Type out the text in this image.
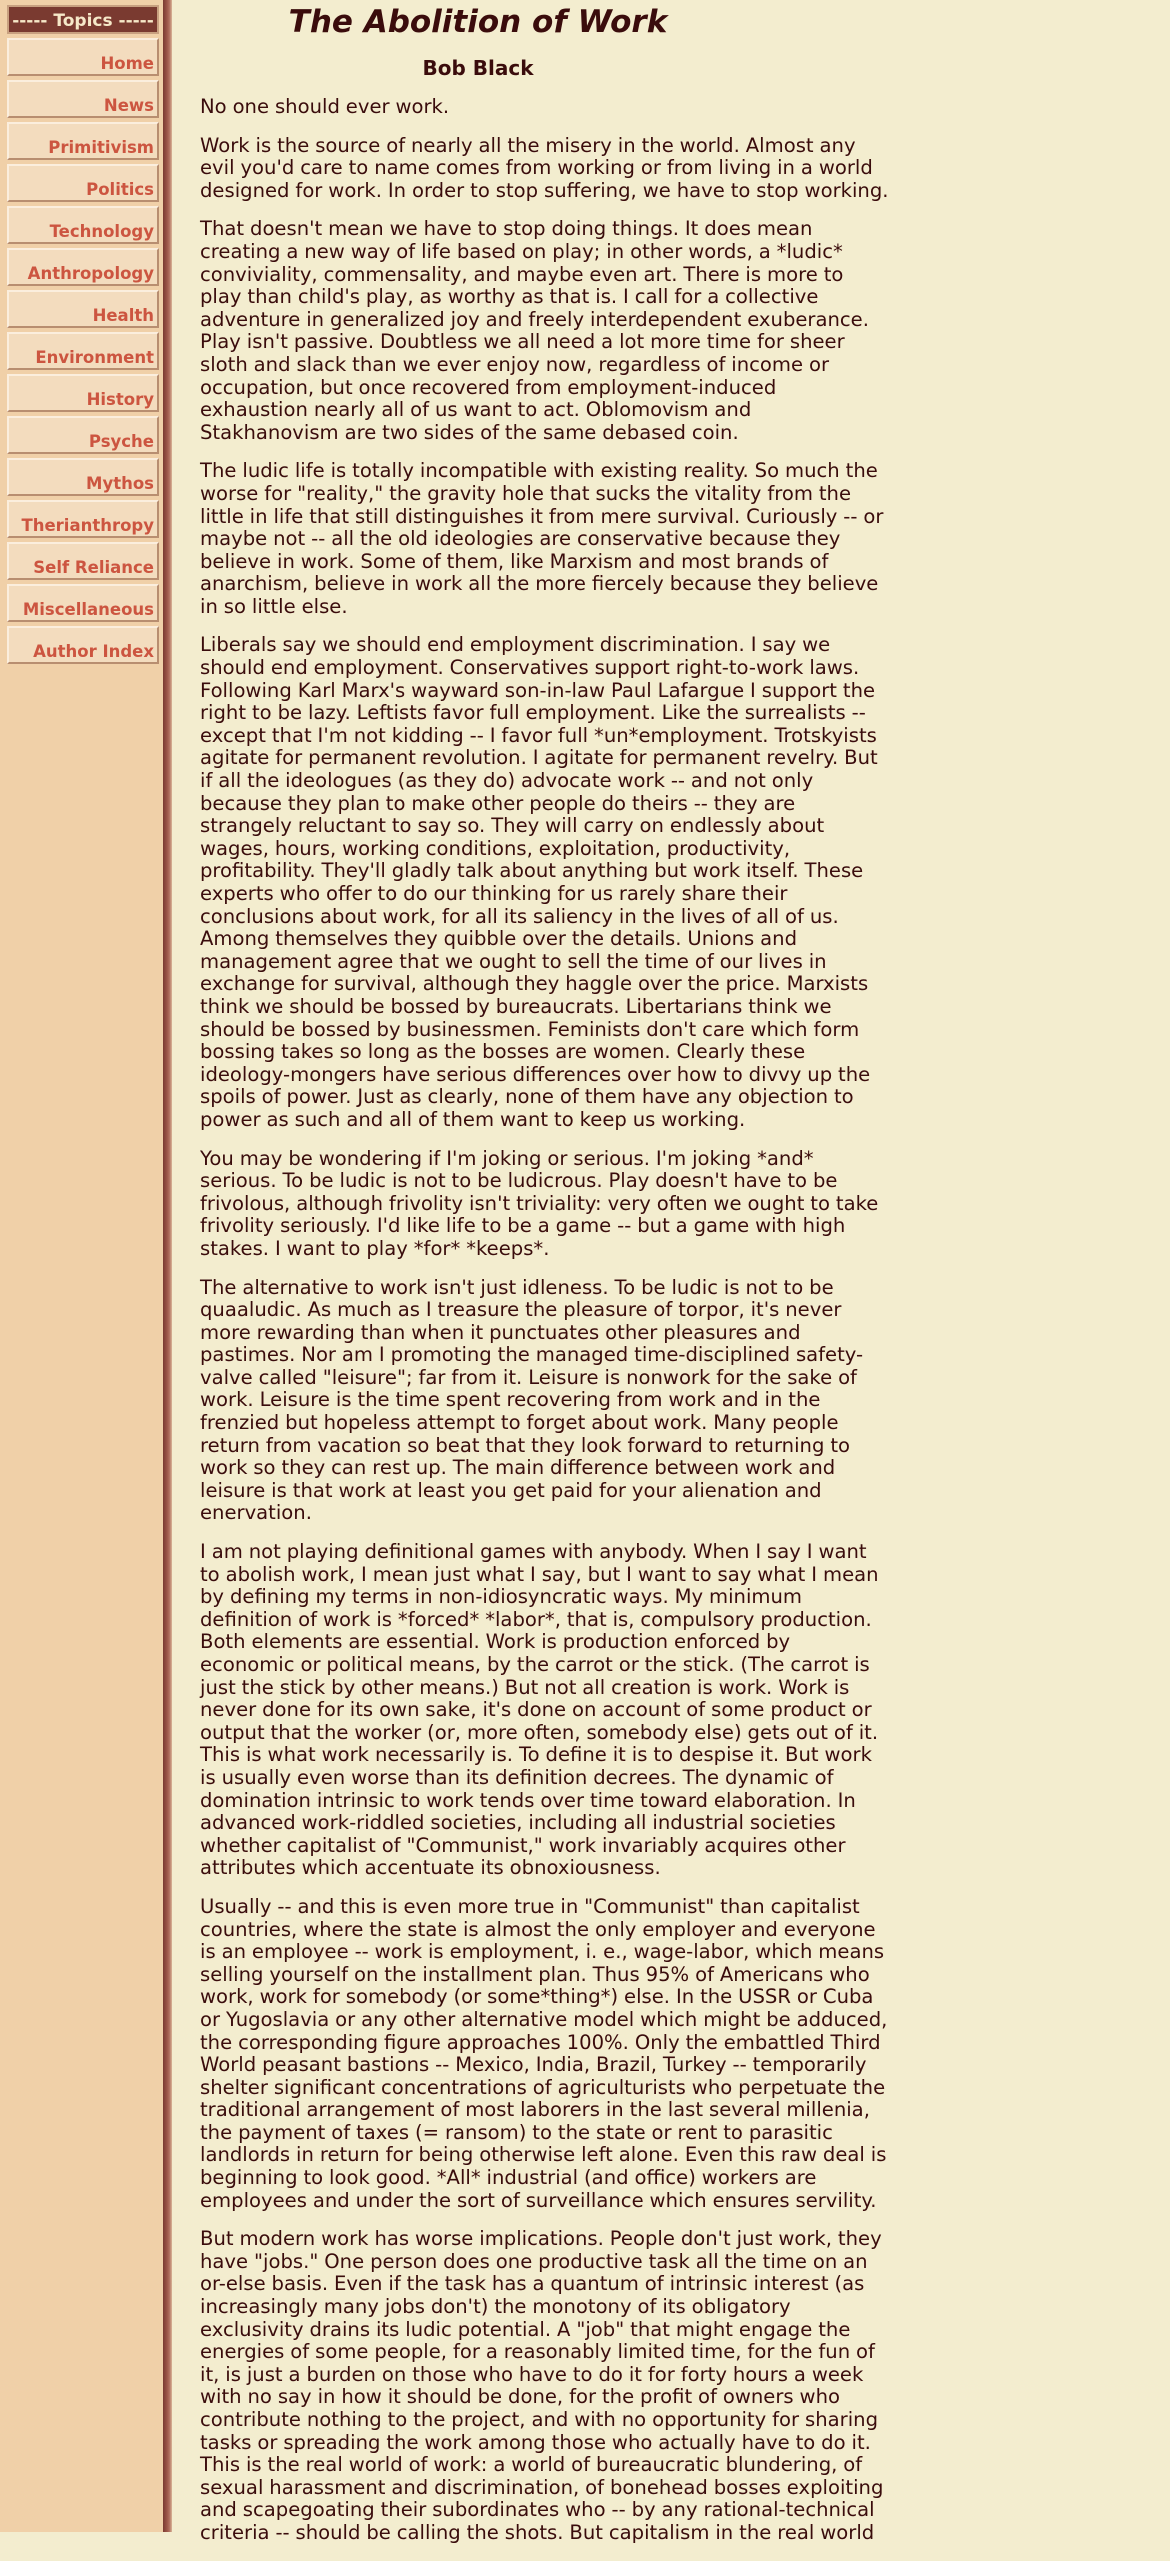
----- Topics -----
Home
News
Primitivism
Politics
Technology
Anthropology
Health
Environment
History
Psyche
Mythos
Therianthropy
Self Reliance
Miscellaneous
Author Index
The Abolition of Work
Bob Black

No one should ever work.

Work is the source of nearly all the misery in the world. Almost any evil you'd care to name comes from working or from living in a world designed for work. In order to stop suffering, we have to stop working.

That doesn't mean we have to stop doing things. It does mean creating a new way of life based on play; in other words, a *ludic* conviviality, commensality, and maybe even art. There is more to play than child's play, as worthy as that is. I call for a collective adventure in generalized joy and freely interdependent exuberance. Play isn't passive. Doubtless we all need a lot more time for sheer sloth and slack than we ever enjoy now, regardless of income or occupation, but once recovered from employment-induced exhaustion nearly all of us want to act. Oblomovism and Stakhanovism are two sides of the same debased coin.

The ludic life is totally incompatible with existing reality. So much the worse for "reality," the gravity hole that sucks the vitality from the little in life that still distinguishes it from mere survival. Curiously -- or maybe not -- all the old ideologies are conservative because they believe in work. Some of them, like Marxism and most brands of anarchism, believe in work all the more fiercely because they believe in so little else.

Liberals say we should end employment discrimination. I say we should end employment. Conservatives support right-to-work laws. Following Karl Marx's wayward son-in-law Paul Lafargue I support the right to be lazy. Leftists favor full employment. Like the surrealists -- except that I'm not kidding -- I favor full *un*employment. Trotskyists agitate for permanent revolution. I agitate for permanent revelry. But if all the ideologues (as they do) advocate work -- and not only because they plan to make other people do theirs -- they are strangely reluctant to say so. They will carry on endlessly about wages, hours, working conditions, exploitation, productivity, profitability. They'll gladly talk about anything but work itself. These experts who offer to do our thinking for us rarely share their conclusions about work, for all its saliency in the lives of all of us. Among themselves they quibble over the details. Unions and management agree that we ought to sell the time of our lives in exchange for survival, although they haggle over the price. Marxists think we should be bossed by bureaucrats. Libertarians think we should be bossed by businessmen. Feminists don't care which form bossing takes so long as the bosses are women. Clearly these ideology-mongers have serious differences over how to divvy up the spoils of power. Just as clearly, none of them have any objection to power as such and all of them want to keep us working.

You may be wondering if I'm joking or serious. I'm joking *and* serious. To be ludic is not to be ludicrous. Play doesn't have to be frivolous, although frivolity isn't triviality: very often we ought to take frivolity seriously. I'd like life to be a game -- but a game with high stakes. I want to play *for* *keeps*.

The alternative to work isn't just idleness. To be ludic is not to be quaaludic. As much as I treasure the pleasure of torpor, it's never more rewarding than when it punctuates other pleasures and pastimes. Nor am I promoting the managed time-disciplined safety-valve called "leisure"; far from it. Leisure is nonwork for the sake of work. Leisure is the time spent recovering from work and in the frenzied but hopeless attempt to forget about work. Many people return from vacation so beat that they look forward to returning to work so they can rest up. The main difference between work and leisure is that work at least you get paid for your alienation and enervation.

I am not playing definitional games with anybody. When I say I want to abolish work, I mean just what I say, but I want to say what I mean by defining my terms in non-idiosyncratic ways. My minimum definition of work is *forced* *labor*, that is, compulsory production. Both elements are essential. Work is production enforced by economic or political means, by the carrot or the stick. (The carrot is just the stick by other means.) But not all creation is work. Work is never done for its own sake, it's done on account of some product or output that the worker (or, more often, somebody else) gets out of it. This is what work necessarily is. To define it is to despise it. But work is usually even worse than its definition decrees. The dynamic of domination intrinsic to work tends over time toward elaboration. In advanced work-riddled societies, including all industrial societies whether capitalist of "Communist," work invariably acquires other attributes which accentuate its obnoxiousness.

Usually -- and this is even more true in "Communist" than capitalist countries, where the state is almost the only employer and everyone is an employee -- work is employment, i. e., wage-labor, which means selling yourself on the installment plan. Thus 95% of Americans who work, work for somebody (or some*thing*) else. In the USSR or Cuba or Yugoslavia or any other alternative model which might be adduced, the corresponding figure approaches 100%. Only the embattled Third World peasant bastions -- Mexico, India, Brazil, Turkey -- temporarily shelter significant concentrations of agriculturists who perpetuate the traditional arrangement of most laborers in the last several millenia, the payment of taxes (= ransom) to the state or rent to parasitic landlords in return for being otherwise left alone. Even this raw deal is beginning to look good. *All* industrial (and office) workers are employees and under the sort of surveillance which ensures servility.

But modern work has worse implications. People don't just work, they have "jobs." One person does one productive task all the time on an or-else basis. Even if the task has a quantum of intrinsic interest (as increasingly many jobs don't) the monotony of its obligatory exclusivity drains its ludic potential. A "job" that might engage the energies of some people, for a reasonably limited time, for the fun of it, is just a burden on those who have to do it for forty hours a week with no say in how it should be done, for the profit of owners who contribute nothing to the project, and with no opportunity for sharing tasks or spreading the work among those who actually have to do it. This is the real world of work: a world of bureaucratic blundering, of sexual harassment and discrimination, of bonehead bosses exploiting and scapegoating their subordinates who -- by any rational-technical criteria -- should be calling the shots. But capitalism in the real world
